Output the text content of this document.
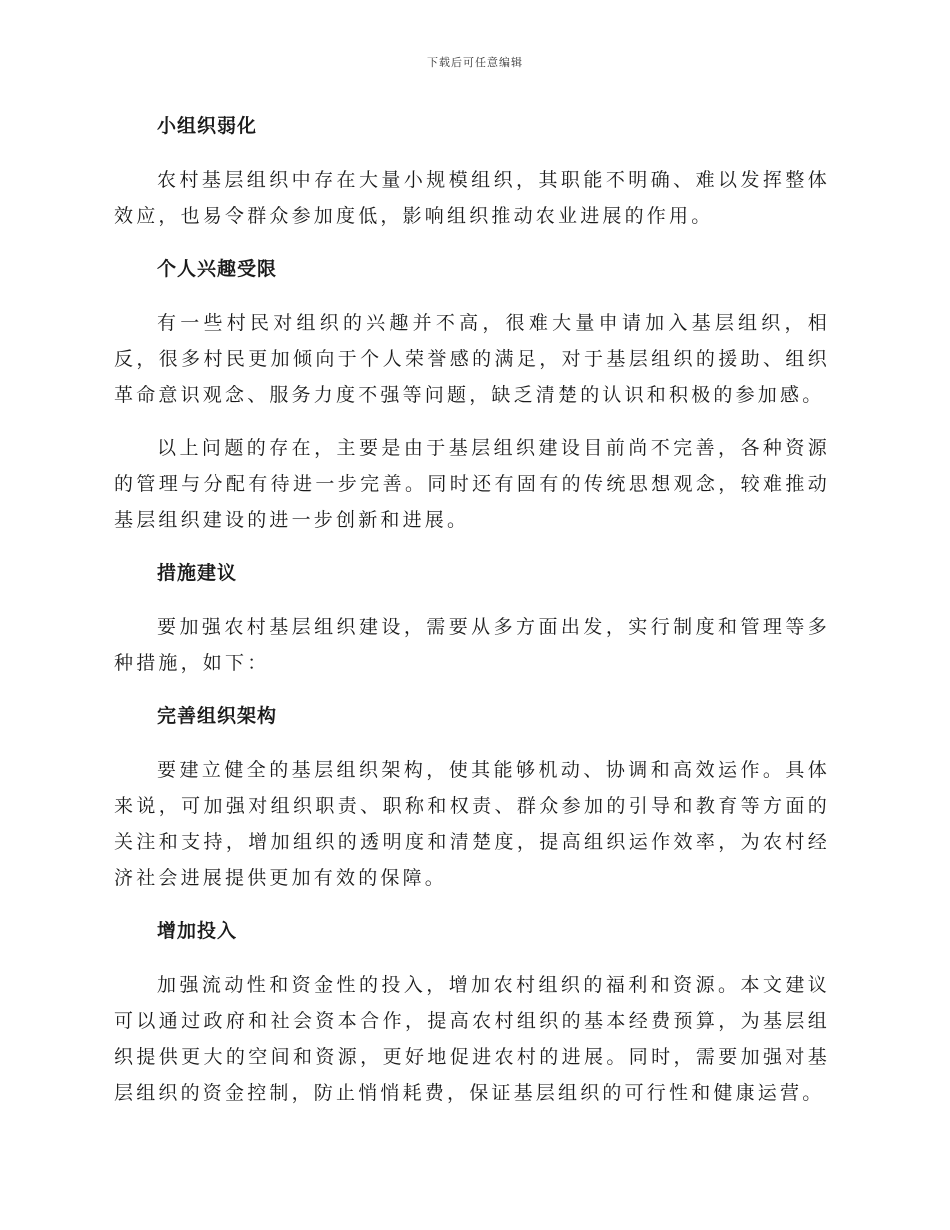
下载后可任意编辑
小组织弱化
农村基层组织中存在大量小规模组织，其职能不明确、难以发挥整体效应，也易令群众参加度低，影响组织推动农业进展的作用。
个人兴趣受限
有一些村民对组织的兴趣并不高，很难大量申请加入基层组织，相反，很多村民更加倾向于个人荣誉感的满足，对于基层组织的援助、组织革命意识观念、服务力度不强等问题，缺乏清楚的认识和积极的参加感。
以上问题的存在，主要是由于基层组织建设目前尚不完善，各种资源的管理与分配有待进一步完善。同时还有固有的传统思想观念，较难推动基层组织建设的进一步创新和进展。
措施建议
要加强农村基层组织建设，需要从多方面出发，实行制度和管理等多种措施，如下：
完善组织架构
要建立健全的基层组织架构，使其能够机动、协调和高效运作。具体来说，可加强对组织职责、职称和权责、群众参加的引导和教育等方面的关注和支持，增加组织的透明度和清楚度，提高组织运作效率，为农村经济社会进展提供更加有效的保障。
增加投入
加强流动性和资金性的投入，增加农村组织的福利和资源。本文建议可以通过政府和社会资本合作，提高农村组织的基本经费预算，为基层组织提供更大的空间和资源，更好地促进农村的进展。同时，需要加强对基层组织的资金控制，防止悄悄耗费，保证基层组织的可行性和健康运营。
